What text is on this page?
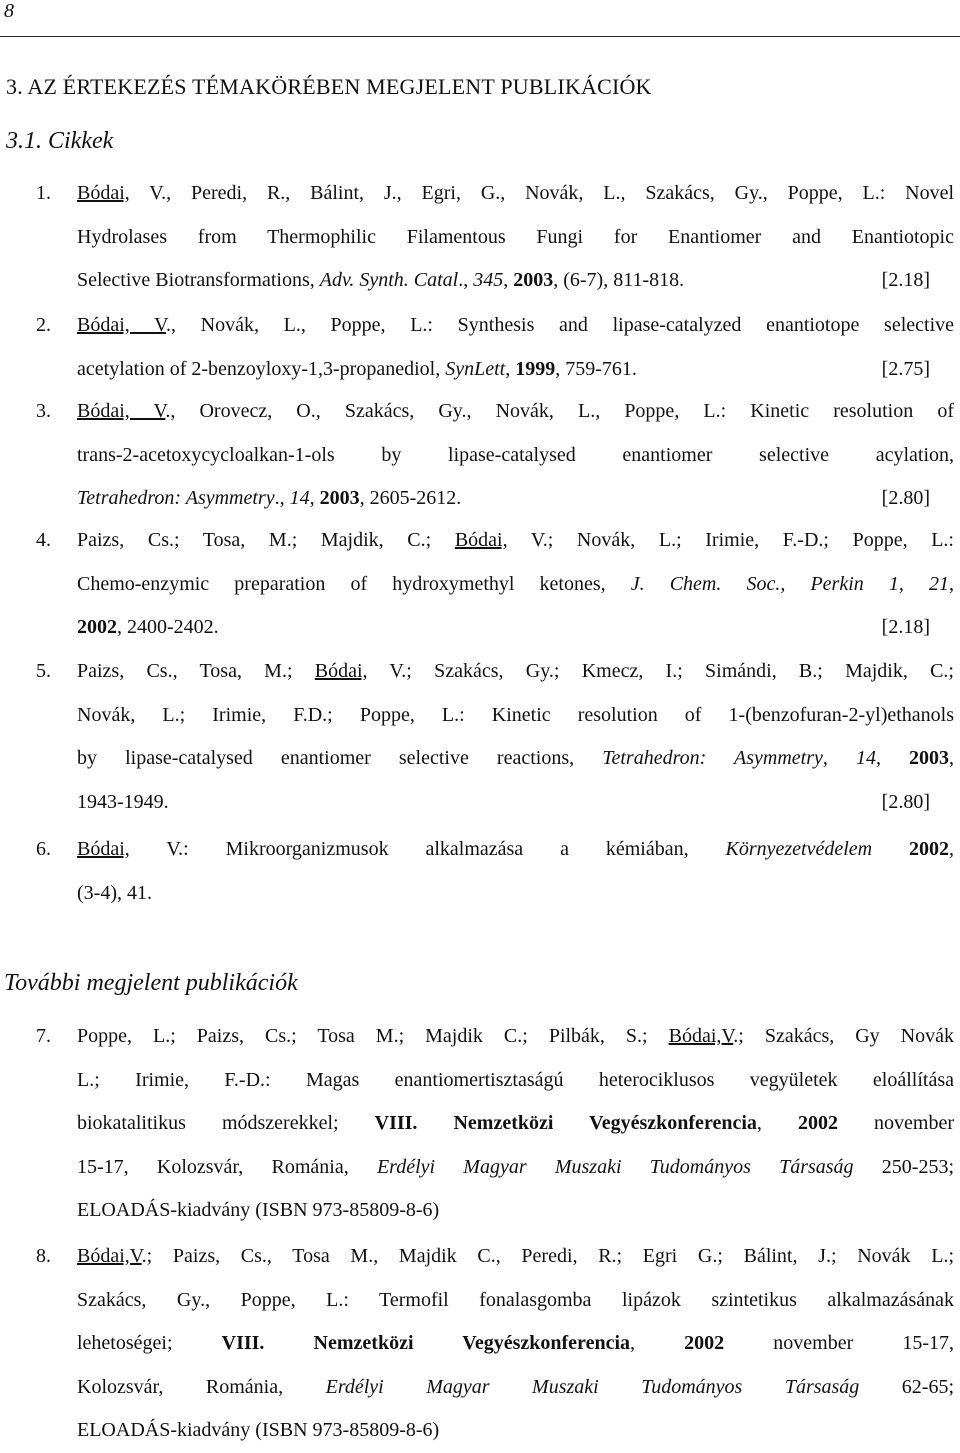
8
3. AZ ÉRTEKEZÉS TÉMAKÖRÉBEN MEGJELENT PUBLIKÁCIÓK
3.1. Cikkek
1.	Bódai, V., Peredi, R., Bálint, J., Egri, G., Novák, L., Szakács, Gy., Poppe, L.: Novel
Hydrolases from Thermophilic Filamentous Fungi for Enantiomer and Enantiotopic
Selective Biotransformations, Adv. Synth. Catal., 345, 2003, (6-7), 811-818.	[2.18]
2.	Bódai, V., Novák, L., Poppe, L.: Synthesis and lipase-catalyzed enantiotope selective
acetylation of 2-benzoyloxy-1,3-propanediol, SynLett, 1999, 759-761.	[2.75]
3.	Bódai, V., Orovecz, O., Szakács, Gy., Novák, L., Poppe, L.: Kinetic resolution of
trans-2-acetoxycycloalkan-1-ols by lipase-catalysed enantiomer selective acylation,
Tetrahedron: Asymmetry., 14, 2003, 2605-2612.	[2.80]
4.	Paizs, Cs.; Tosa, M.; Majdik, C.; Bódai, V.; Novák, L.; Irimie, F.-D.; Poppe, L.:
Chemo-enzymic preparation of hydroxymethyl ketones, J. Chem. Soc., Perkin 1, 21,
2002, 2400-2402.	[2.18]
5.	Paizs, Cs., Tosa, M.; Bódai, V.; Szakács, Gy.; Kmecz, I.; Simándi, B.; Majdik, C.;
Novák, L.; Irimie, F.D.; Poppe, L.: Kinetic resolution of 1-(benzofuran-2-yl)ethanols
by lipase-catalysed enantiomer selective reactions, Tetrahedron: Asymmetry, 14, 2003,
1943-1949.	[2.80]
6.	Bódai, V.: Mikroorganizmusok alkalmazása a kémiában, Környezetvédelem 2002,
(3-4), 41.
További megjelent publikációk
7.	Poppe, L.; Paizs, Cs.; Tosa M.; Majdik C.; Pilbák, S.; Bódai,V.; Szakács, Gy Novák
L.; Irimie, F.-D.: Magas enantiomertisztaságú heterociklusos vegyületek eloállítása
biokatalitikus módszerekkel; VIII. Nemzetközi Vegyészkonferencia, 2002 november
15-17, Kolozsvár, Románia, Erdélyi Magyar Muszaki Tudományos Társaság 250-253;
ELOADÁS-kiadvány (ISBN 973-85809-8-6)
8.	Bódai,V.; Paizs, Cs., Tosa M., Majdik C., Peredi, R.; Egri G.; Bálint, J.; Novák L.;
Szakács, Gy., Poppe, L.: Termofil fonalasgomba lipázok szintetikus alkalmazásának
lehetoségei; VIII. Nemzetközi Vegyészkonferencia, 2002 november 15-17,
Kolozsvár, Románia, Erdélyi Magyar Muszaki Tudományos Társaság 62-65;
ELOADÁS-kiadvány (ISBN 973-85809-8-6)
